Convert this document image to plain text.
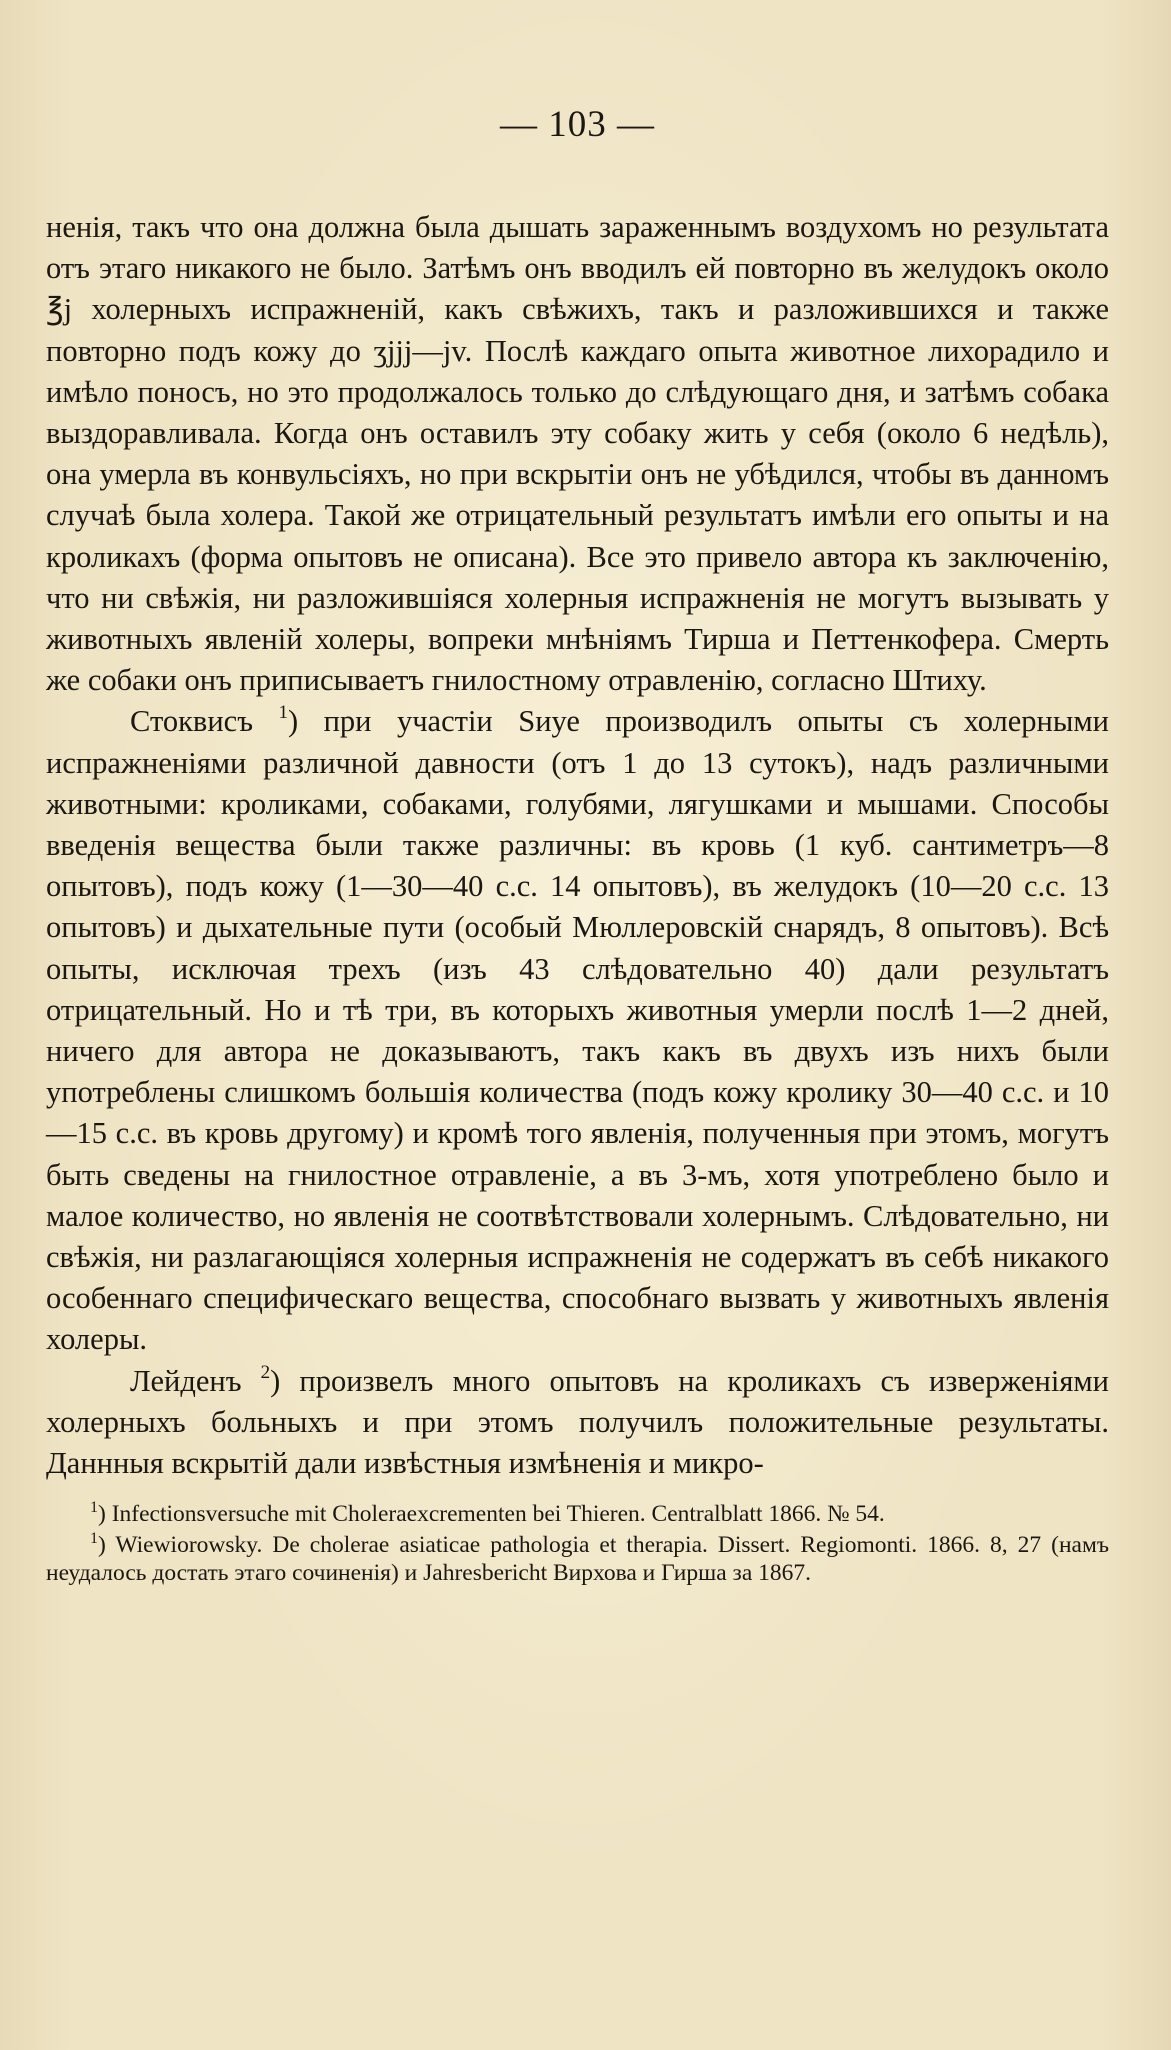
— 103 —

ненія, такъ что она должна была дышать зараженнымъ воздухомъ но результата отъ этаго никакого не было. Затѣмъ онъ вводилъ ей повторно въ желудокъ около ℥j холерныхъ испражненій, какъ свѣжихъ, такъ и разложившихся и также повторно подъ кожу до ʒjjj—jv. Послѣ каждаго опыта животное лихорадило и имѣло поносъ, но это продолжалось только до слѣдующаго дня, и затѣмъ собака выздоравливала. Когда онъ оставилъ эту собаку жить у себя (около 6 недѣль), она умерла въ конвульсіяхъ, но при вскрытіи онъ не убѣдился, чтобы въ данномъ случаѣ была холера. Такой же отрицательный результатъ имѣли его опыты и на кроликахъ (форма опытовъ не описана). Все это привело автора къ заключенію, что ни свѣжія, ни разложившіяся холерныя испражненія не могутъ вызывать у животныхъ явленій холеры, вопреки мнѣніямъ Тирша и Петтенкофера. Смерть же собаки онъ приписываетъ гнилостному отравленію, согласно Штиху.

Стоквисъ $^1$) при участіи Ѕиуе производилъ опыты съ холерными испражненіями различной давности (отъ 1 до 13 сутокъ), надъ различными животными: кроликами, собаками, голубями, лягушками и мышами. Способы введенія вещества были также различны: въ кровь (1 куб. сантиметръ—8 опытовъ), подъ кожу (1—30—40 с.с. 14 опытовъ), въ желудокъ (10—20 с.с. 13 опытовъ) и дыхательные пути (особый Мюллеровскій снарядъ, 8 опытовъ). Всѣ опыты, исключая трехъ (изъ 43 слѣдовательно 40) дали результатъ отрицательный. Но и тѣ три, въ которыхъ животныя умерли послѣ 1—2 дней, ничего для автора не доказываютъ, такъ какъ въ двухъ изъ нихъ были употреблены слишкомъ большія количества (подъ кожу кролику 30—40 с.с. и 10—15 с.с. въ кровь другому) и кромѣ того явленія, полученныя при этомъ, могутъ быть сведены на гнилостное отравленіе, а въ 3-мъ, хотя употреблено было и малое количество, но явленія не соотвѣтствовали холернымъ. Слѣдовательно, ни свѣжія, ни разлагающіяся холерныя испражненія не содержатъ въ себѣ никакого особеннаго специфическаго вещества, способнаго вызвать у животныхъ явленія холеры.

Лейденъ $^2$) произвелъ много опытовъ на кроликахъ съ изверженіями холерныхъ больныхъ и при этомъ получилъ положительные результаты. Даннныя вскрытій дали извѣстныя измѣненія и микро-

$^1$) Infectionsversuche mit Choleraexcrementen bei Thieren. Centralblatt 1866. № 54.

$^1$) Wiewiorowsky. De cholerae asiaticae pathologia et therapia. Dissert. Regiomonti. 1866. 8, 27 (намъ неудалось достать этаго сочиненія) и Jahresbericht Вирхова и Гирша за 1867.
